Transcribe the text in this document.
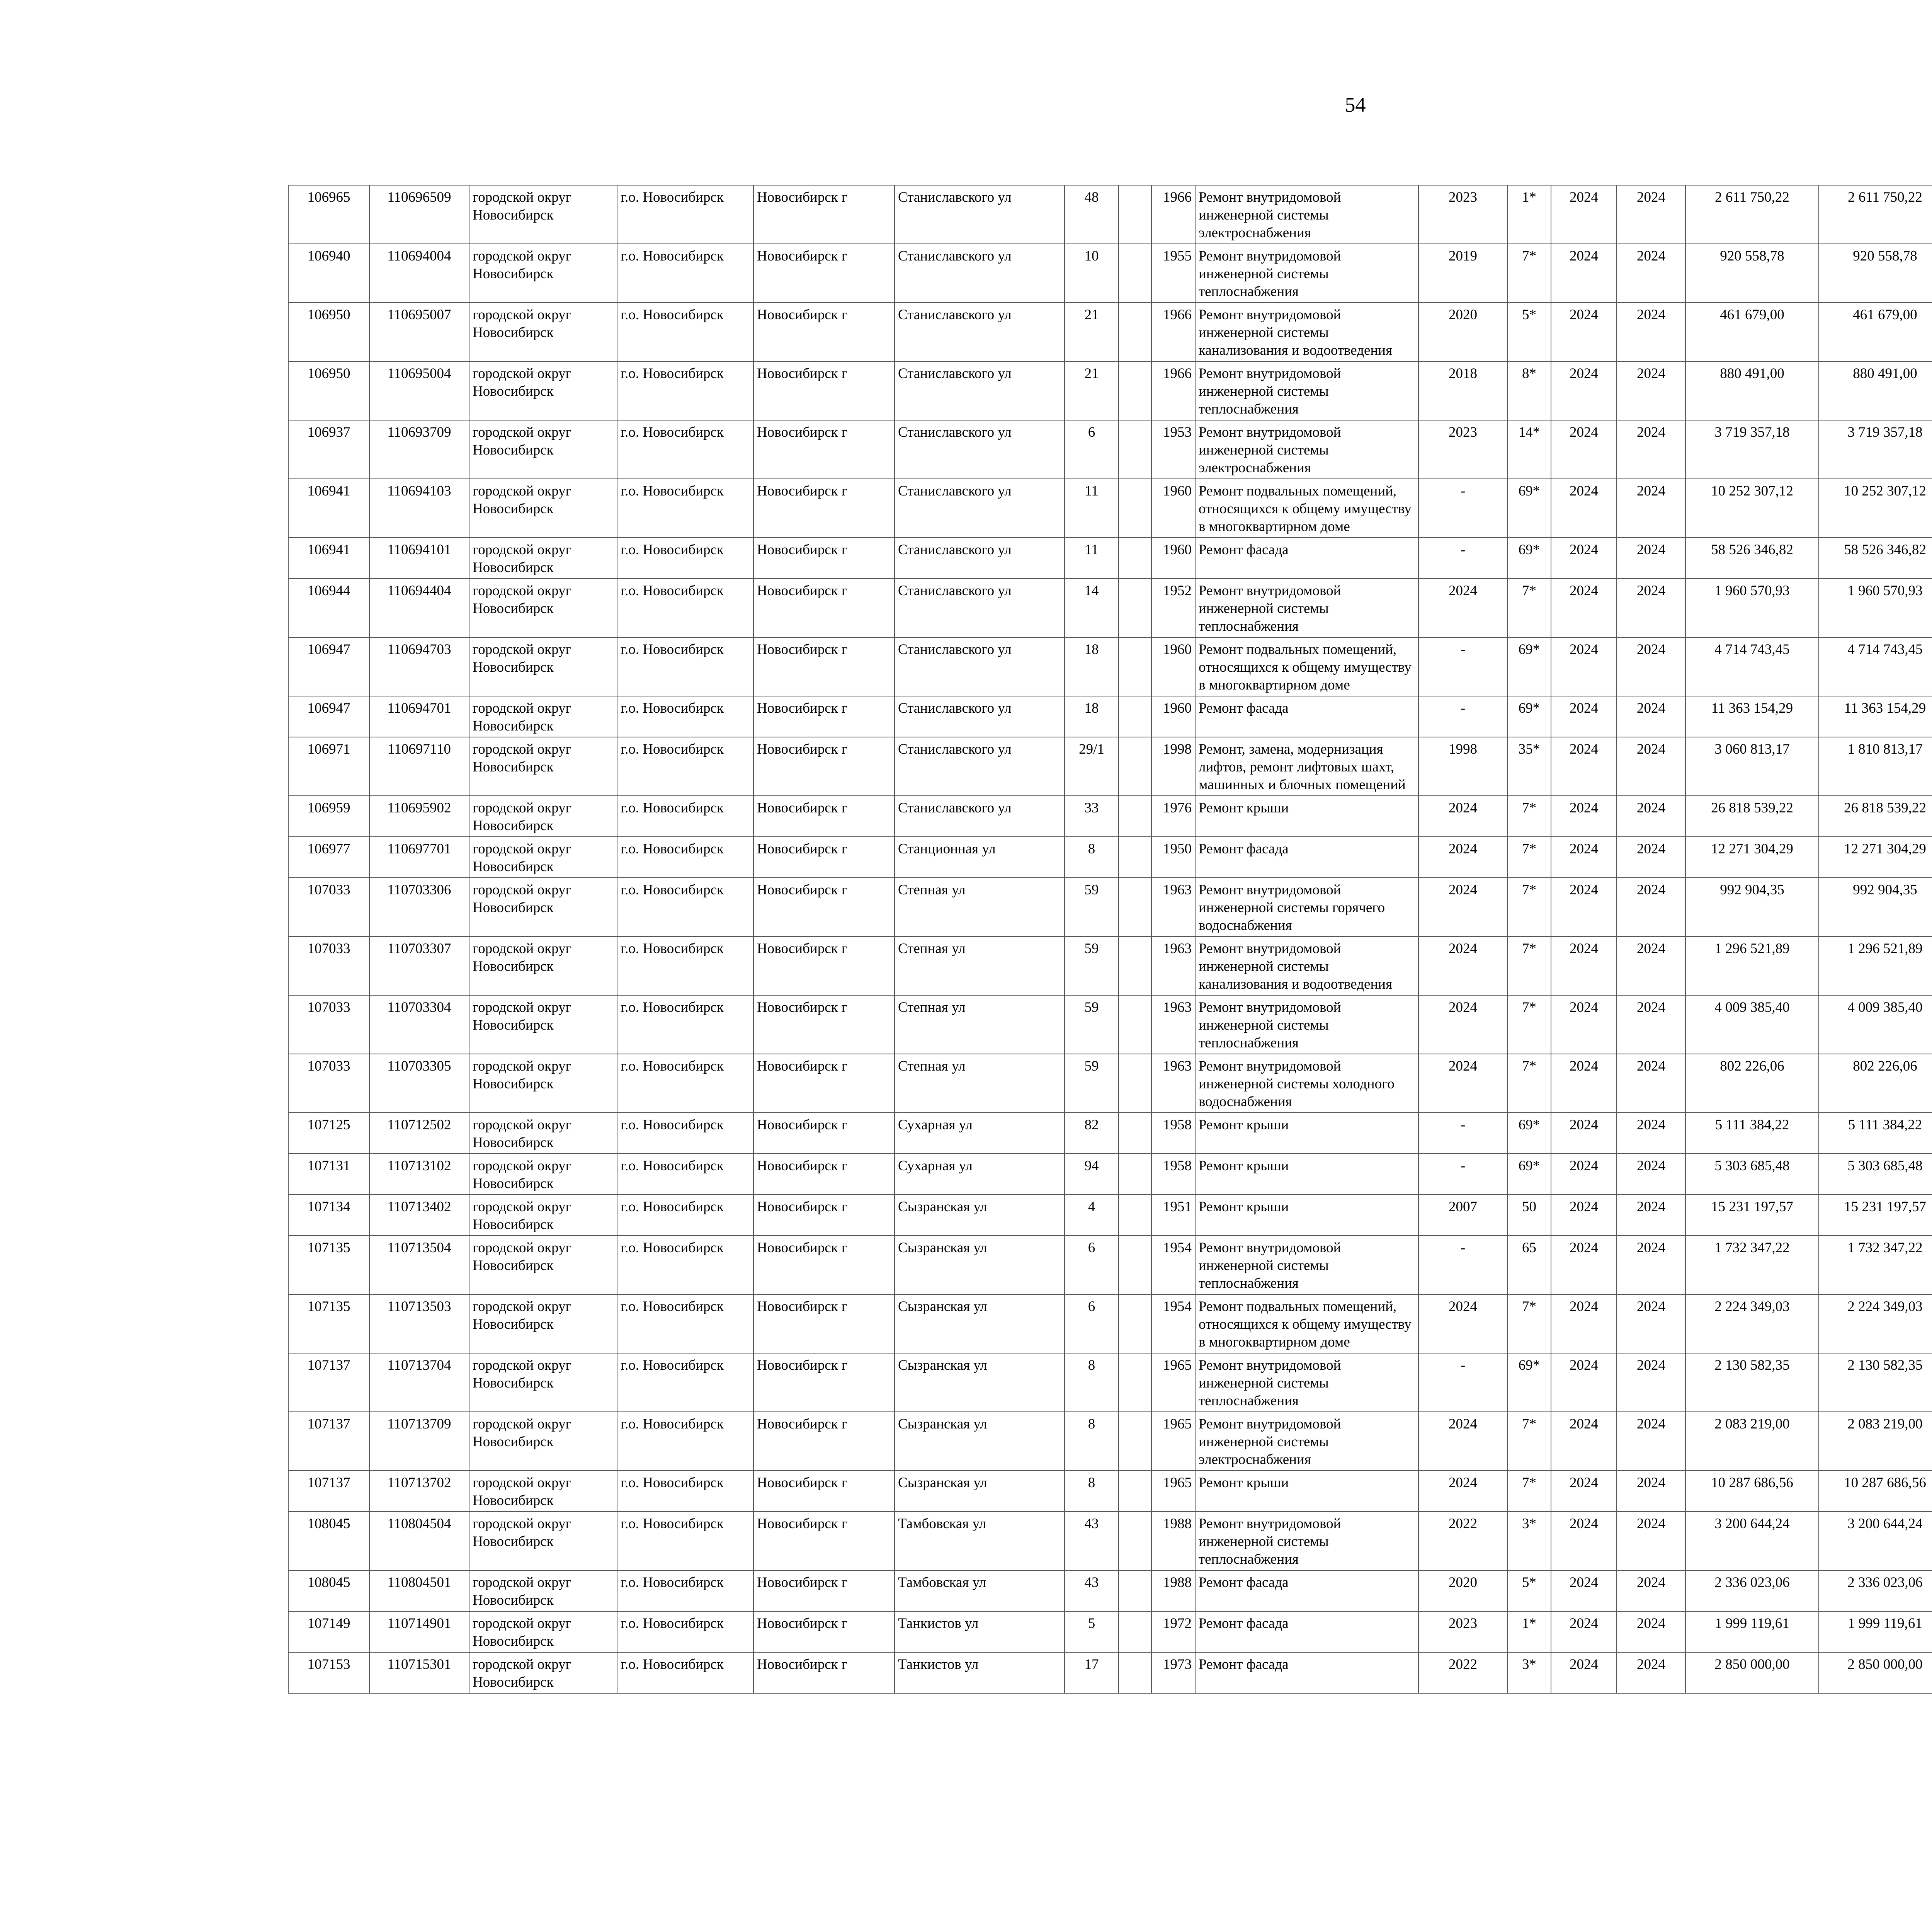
54
106965	110696509	городской округ Новосибирск	г.о. Новосибирск	Новосибирск г	Станиславского ул	48		1966	Ремонт внутридомовой инженерной системы электроснабжения	2023	1*	2024	2024	2 611 750,22	2 611 750,22						
106940	110694004	городской округ Новосибирск	г.о. Новосибирск	Новосибирск г	Станиславского ул	10		1955	Ремонт внутридомовой инженерной системы теплоснабжения	2019	7*	2024	2024	920 558,78	920 558,78						
106950	110695007	городской округ Новосибирск	г.о. Новосибирск	Новосибирск г	Станиславского ул	21		1966	Ремонт внутридомовой инженерной системы канализования и водоотведения	2020	5*	2024	2024	461 679,00	461 679,00						
106950	110695004	городской округ Новосибирск	г.о. Новосибирск	Новосибирск г	Станиславского ул	21		1966	Ремонт внутридомовой инженерной системы теплоснабжения	2018	8*	2024	2024	880 491,00	880 491,00						
106937	110693709	городской округ Новосибирск	г.о. Новосибирск	Новосибирск г	Станиславского ул	6		1953	Ремонт внутридомовой инженерной системы электроснабжения	2023	14*	2024	2024	3 719 357,18	3 719 357,18						
106941	110694103	городской округ Новосибирск	г.о. Новосибирск	Новосибирск г	Станиславского ул	11		1960	Ремонт подвальных помещений, относящихся к общему имуществу в многоквартирном доме	-	69*	2024	2024	10 252 307,12	10 252 307,12						
106941	110694101	городской округ Новосибирск	г.о. Новосибирск	Новосибирск г	Станиславского ул	11		1960	Ремонт фасада	-	69*	2024	2024	58 526 346,82	58 526 346,82						
106944	110694404	городской округ Новосибирск	г.о. Новосибирск	Новосибирск г	Станиславского ул	14		1952	Ремонт внутридомовой инженерной системы теплоснабжения	2024	7*	2024	2024	1 960 570,93	1 960 570,93						
106947	110694703	городской округ Новосибирск	г.о. Новосибирск	Новосибирск г	Станиславского ул	18		1960	Ремонт подвальных помещений, относящихся к общему имуществу в многоквартирном доме	-	69*	2024	2024	4 714 743,45	4 714 743,45						
106947	110694701	городской округ Новосибирск	г.о. Новосибирск	Новосибирск г	Станиславского ул	18		1960	Ремонт фасада	-	69*	2024	2024	11 363 154,29	11 363 154,29						
106971	110697110	городской округ Новосибирск	г.о. Новосибирск	Новосибирск г	Станиславского ул	29/1		1998	Ремонт, замена, модернизация лифтов, ремонт лифтовых шахт, машинных и блочных помещений	1998	35*	2024	2024	3 060 813,17	1 810 813,17						
106959	110695902	городской округ Новосибирск	г.о. Новосибирск	Новосибирск г	Станиславского ул	33		1976	Ремонт крыши	2024	7*	2024	2024	26 818 539,22	26 818 539,22						
106977	110697701	городской округ Новосибирск	г.о. Новосибирск	Новосибирск г	Станционная ул	8		1950	Ремонт фасада	2024	7*	2024	2024	12 271 304,29	12 271 304,29						
107033	110703306	городской округ Новосибирск	г.о. Новосибирск	Новосибирск г	Степная ул	59		1963	Ремонт внутридомовой инженерной системы горячего водоснабжения	2024	7*	2024	2024	992 904,35	992 904,35						
107033	110703307	городской округ Новосибирск	г.о. Новосибирск	Новосибирск г	Степная ул	59		1963	Ремонт внутридомовой инженерной системы канализования и водоотведения	2024	7*	2024	2024	1 296 521,89	1 296 521,89						
107033	110703304	городской округ Новосибирск	г.о. Новосибирск	Новосибирск г	Степная ул	59		1963	Ремонт внутридомовой инженерной системы теплоснабжения	2024	7*	2024	2024	4 009 385,40	4 009 385,40						
107033	110703305	городской округ Новосибирск	г.о. Новосибирск	Новосибирск г	Степная ул	59		1963	Ремонт внутридомовой инженерной системы холодного водоснабжения	2024	7*	2024	2024	802 226,06	802 226,06						
107125	110712502	городской округ Новосибирск	г.о. Новосибирск	Новосибирск г	Сухарная ул	82		1958	Ремонт крыши	-	69*	2024	2024	5 111 384,22	5 111 384,22						
107131	110713102	городской округ Новосибирск	г.о. Новосибирск	Новосибирск г	Сухарная ул	94		1958	Ремонт крыши	-	69*	2024	2024	5 303 685,48	5 303 685,48						
107134	110713402	городской округ Новосибирск	г.о. Новосибирск	Новосибирск г	Сызранская ул	4		1951	Ремонт крыши	2007	50	2024	2024	15 231 197,57	15 231 197,57						
107135	110713504	городской округ Новосибирск	г.о. Новосибирск	Новосибирск г	Сызранская ул	6		1954	Ремонт внутридомовой инженерной системы теплоснабжения	-	65	2024	2024	1 732 347,22	1 732 347,22						
107135	110713503	городской округ Новосибирск	г.о. Новосибирск	Новосибирск г	Сызранская ул	6		1954	Ремонт подвальных помещений, относящихся к общему имуществу в многоквартирном доме	2024	7*	2024	2024	2 224 349,03	2 224 349,03						
107137	110713704	городской округ Новосибирск	г.о. Новосибирск	Новосибирск г	Сызранская ул	8		1965	Ремонт внутридомовой инженерной системы теплоснабжения	-	69*	2024	2024	2 130 582,35	2 130 582,35						
107137	110713709	городской округ Новосибирск	г.о. Новосибирск	Новосибирск г	Сызранская ул	8		1965	Ремонт внутридомовой инженерной системы электроснабжения	2024	7*	2024	2024	2 083 219,00	2 083 219,00						
107137	110713702	городской округ Новосибирск	г.о. Новосибирск	Новосибирск г	Сызранская ул	8		1965	Ремонт крыши	2024	7*	2024	2024	10 287 686,56	10 287 686,56						
108045	110804504	городской округ Новосибирск	г.о. Новосибирск	Новосибирск г	Тамбовская ул	43		1988	Ремонт внутридомовой инженерной системы теплоснабжения	2022	3*	2024	2024	3 200 644,24	3 200 644,24						
108045	110804501	городской округ Новосибирск	г.о. Новосибирск	Новосибирск г	Тамбовская ул	43		1988	Ремонт фасада	2020	5*	2024	2024	2 336 023,06	2 336 023,06						
107149	110714901	городской округ Новосибирск	г.о. Новосибирск	Новосибирск г	Танкистов ул	5		1972	Ремонт фасада	2023	1*	2024	2024	1 999 119,61	1 999 119,61						
107153	110715301	городской округ Новосибирск	г.о. Новосибирск	Новосибирск г	Танкистов ул	17		1973	Ремонт фасада	2022	3*	2024	2024	2 850 000,00	2 850 000,00						
